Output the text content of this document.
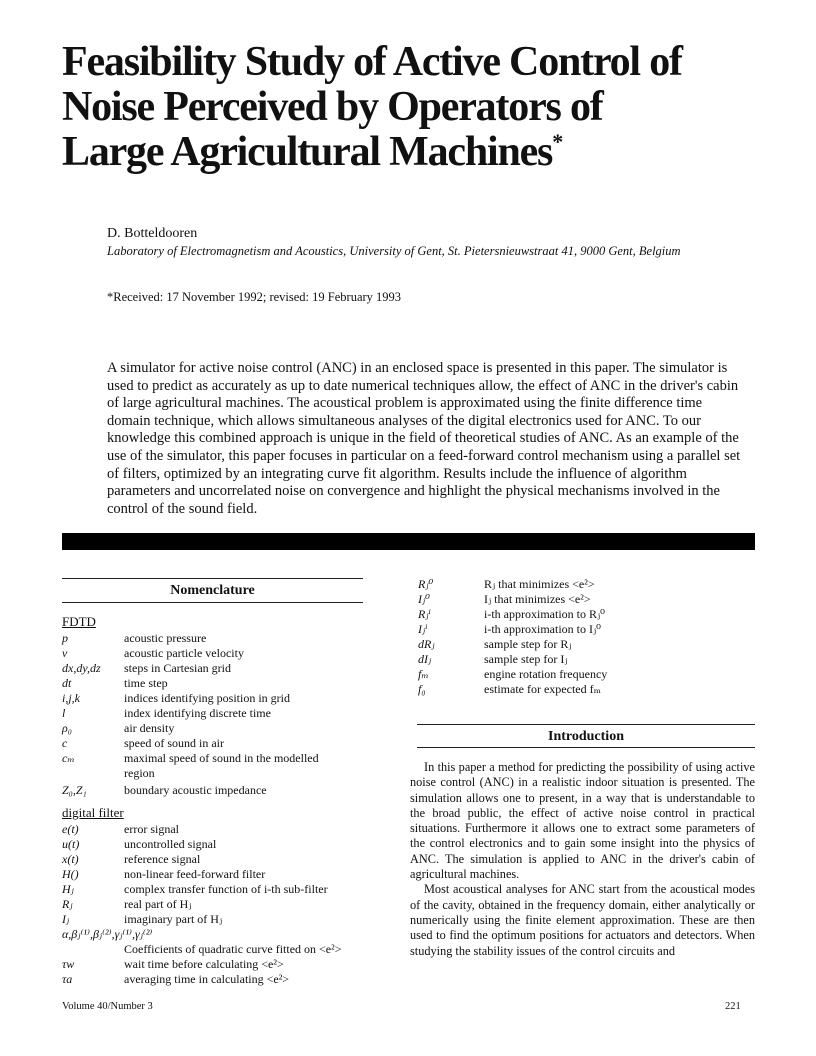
Feasibility Study of Active Control of
Noise Perceived by Operators of
Large Agricultural Machines*
D. Botteldooren
Laboratory of Electromagnetism and Acoustics, University of Gent, St. Pietersnieuwstraat 41, 9000 Gent, Belgium
*Received: 17 November 1992; revised: 19 February 1993

A simulator for active noise control (ANC) in an enclosed space is presented in this paper. The simulator is used to predict as accurately as up to date numerical techniques allow, the effect of ANC in the driver's cabin of large agricultural machines. The acoustical problem is approximated using the finite difference time domain technique, which allows simultaneous analyses of the digital electronics used for ANC. To our knowledge this combined approach is unique in the field of theoretical studies of ANC. As an example of the use of the simulator, this paper focuses in particular on a feed-forward control mechanism using a parallel set of filters, optimized by an integrating curve fit algorithm. Results include the influence of algorithm parameters and uncorrelated noise on convergence and highlight the physical mechanisms involved in the control of the sound field.

Nomenclature
FDTD
p	acoustic pressure
v	acoustic particle velocity
dx,dy,dz steps in Cartesian grid
dt	time step
i,j,k	indices identifying position in grid
l	index identifying discrete time
ρ₀	air density
c	speed of sound in air
cₘ	maximal speed of sound in the modelled
region
Z₀,Z₁	boundary acoustic impedance
digital filter
e(t)	error signal
u(t)	uncontrolled signal
x(t)	reference signal
H()	non-linear feed-forward filter
Hⱼ	complex transfer function of i-th sub-filter
Rⱼ	real part of Hⱼ
Iⱼ	imaginary part of Hⱼ
α,βⱼ⁽¹⁾,βⱼ⁽²⁾,γⱼ⁽¹⁾,γⱼ⁽²⁾
Coefficients of quadratic curve fitted on <e²>
τw	wait time before calculating <e²>
τa	averaging time in calculating <e²>
Rⱼ⁰	Rⱼ that minimizes <e²>
Iⱼ⁰	Iⱼ that minimizes <e²>
Rⱼⁱ	i-th approximation to Rⱼ⁰
Iⱼⁱ	i-th approximation to Iⱼ⁰
dRⱼ	sample step for Rⱼ
dIⱼ	sample step for Iⱼ
fₘ	engine rotation frequency
f₀	estimate for expected fₘ
Introduction

In this paper a method for predicting the possibility of using active noise control (ANC) in a realistic indoor situation is presented. The simulation allows one to present, in a way that is understandable to the broad public, the effect of active noise control in practical situations. Furthermore it allows one to extract some parameters of the control electronics and to gain some insight into the physics of ANC. The simulation is applied to ANC in the driver's cabin of agricultural machines.

Most acoustical analyses for ANC start from the acoustical modes of the cavity, obtained in the frequency domain, either analytically or numerically using the finite element approximation. These are then used to find the optimum positions for actuators and detectors. When studying the stability issues of the control circuits and

Volume 40/Number 3	221
